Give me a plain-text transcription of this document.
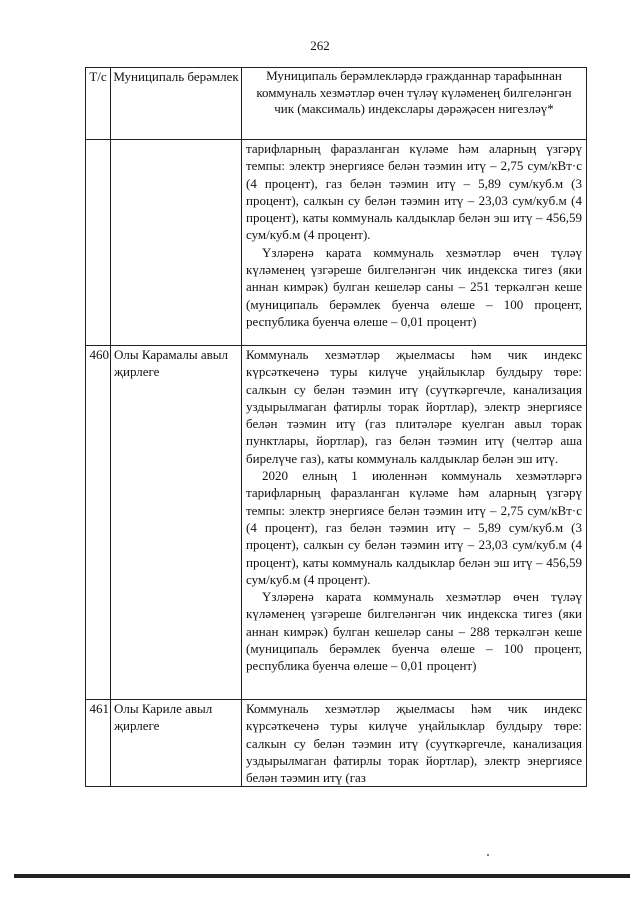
262
Т/с	Муниципаль берәмлек	Муниципаль берәмлекләрдә гражданнар тарафыннан коммуналь хезмәтләр өчен түләү күләменең билгеләнгән чик (максималь) индекслары дәрәҗәсен нигезләү*

		тарифларның фаразланган күләме һәм аларның үзгәрү темпы: электр энергиясе белән тәэмин итү – 2,75 сум/кВт·с (4 процент), газ белән тәэмин итү – 5,89 сум/куб.м (3 процент), салкын су белән тәэмин итү – 23,03 сум/куб.м (4 процент), каты коммуналь калдыклар белән эш итү – 456,59 сум/куб.м (4 процент).

Үзләренә карата коммуналь хезмәтләр өчен түләү күләменең үзгәреше билгеләнгән чик индекска тигез (яки аннан кимрәк) булган кешеләр саны – 251 теркәлгән кеше (муниципаль берәмлек буенча өлеше – 100 процент, республика буенча өлеше – 0,01 процент)

460	Олы Карамалы авыл җирлеге	Коммуналь хезмәтләр җыелмасы һәм чик индекс күрсәткеченә туры килүче уңайлыклар булдыру төре: салкын су белән тәэмин итү (суүткәргечле, канализация уздырылмаган фатирлы торак йортлар), электр энергиясе белән тәэмин итү (газ плитәләре куелган авыл торак пунктлары, йортлар), газ белән тәэмин итү (челтәр аша бирелүче газ), каты коммуналь калдыклар белән эш итү.

2020 елның 1 июленнән коммуналь хезмәтләргә тарифларның фаразланган күләме һәм аларның үзгәрү темпы: электр энергиясе белән тәэмин итү – 2,75 сум/кВт·с (4 процент), газ белән тәэмин итү – 5,89 сум/куб.м (3 процент), салкын су белән тәэмин итү – 23,03 сум/куб.м (4 процент), каты коммуналь калдыклар белән эш итү – 456,59 сум/куб.м (4 процент).

Үзләренә карата коммуналь хезмәтләр өчен түләү күләменең үзгәреше билгеләнгән чик индекска тигез (яки аннан кимрәк) булган кешеләр саны – 288 теркәлгән кеше (муниципаль берәмлек буенча өлеше – 100 процент, республика буенча өлеше – 0,01 процент)

461	Олы Кариле авыл җирлеге	Коммуналь хезмәтләр җыелмасы һәм чик индекс күрсәткеченә туры килүче уңайлыклар булдыру төре: салкын су белән тәэмин итү (суүткәргечле, канализация уздырылмаган фатирлы торак йортлар), электр энергиясе белән тәэмин итү (газ
